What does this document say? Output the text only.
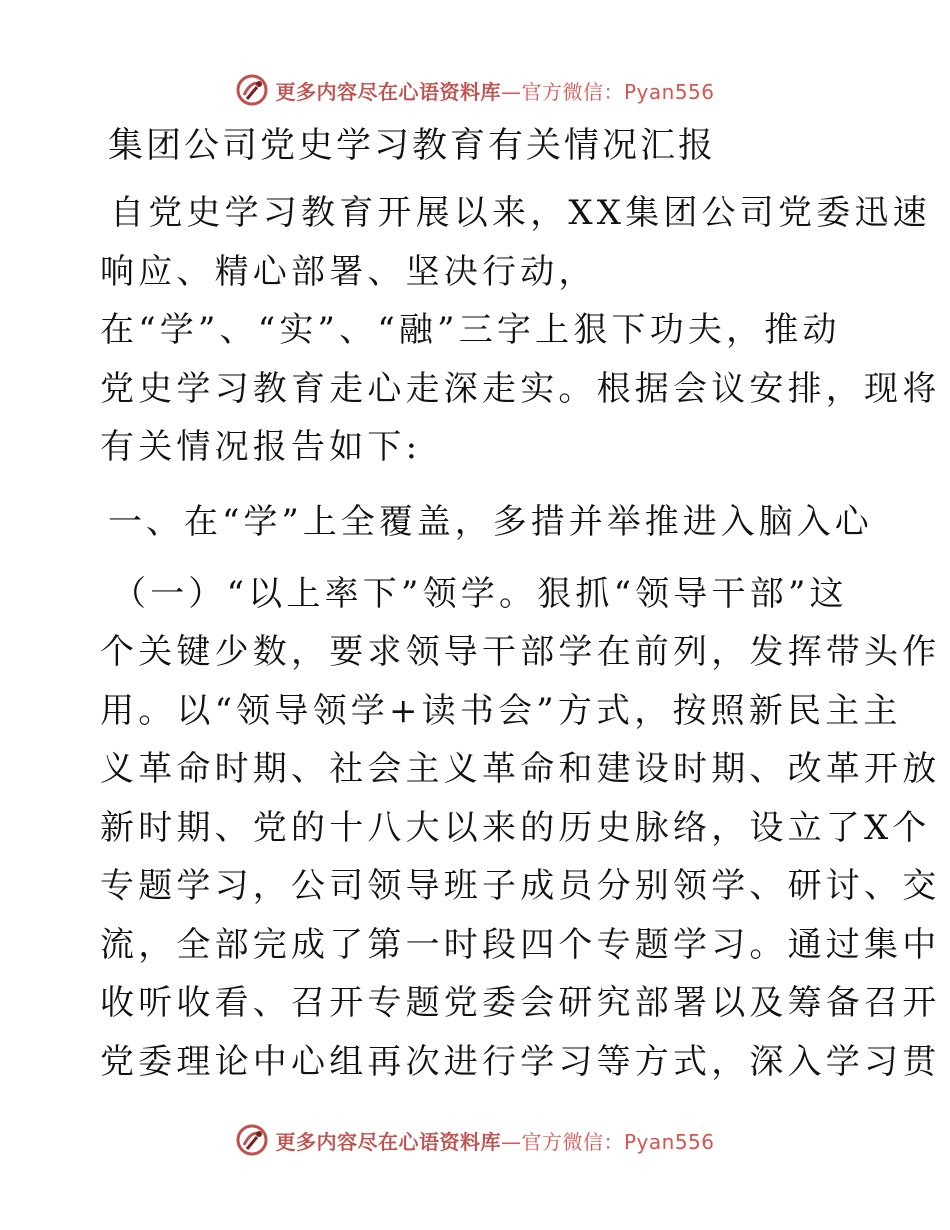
更多内容尽在心语资料库—官方微信：Pyan556
集团公司党史学习教育有关情况汇报

自党史学习教育开展以来，XX集团公司党委迅速
响应、精心部署、坚决行动，
在“学”、“实”、“融”三字上狠下功夫，推动
党史学习教育走心走深走实。根据会议安排，现将
有关情况报告如下:

一、在“学”上全覆盖，多措并举推进入脑入心

（一）“以上率下”领学。狠抓“领导干部”这
个关键少数，要求领导干部学在前列，发挥带头作
用。以“领导领学+读书会”方式，按照新民主主
义革命时期、社会主义革命和建设时期、改革开放
新时期、党的十八大以来的历史脉络，设立了X个
专题学习，公司领导班子成员分别领学、研讨、交
流，全部完成了第一时段四个专题学习。通过集中
收听收看、召开专题党委会研究部署以及筹备召开
党委理论中心组再次进行学习等方式，深入学习贯

更多内容尽在心语资料库—官方微信：Pyan556
